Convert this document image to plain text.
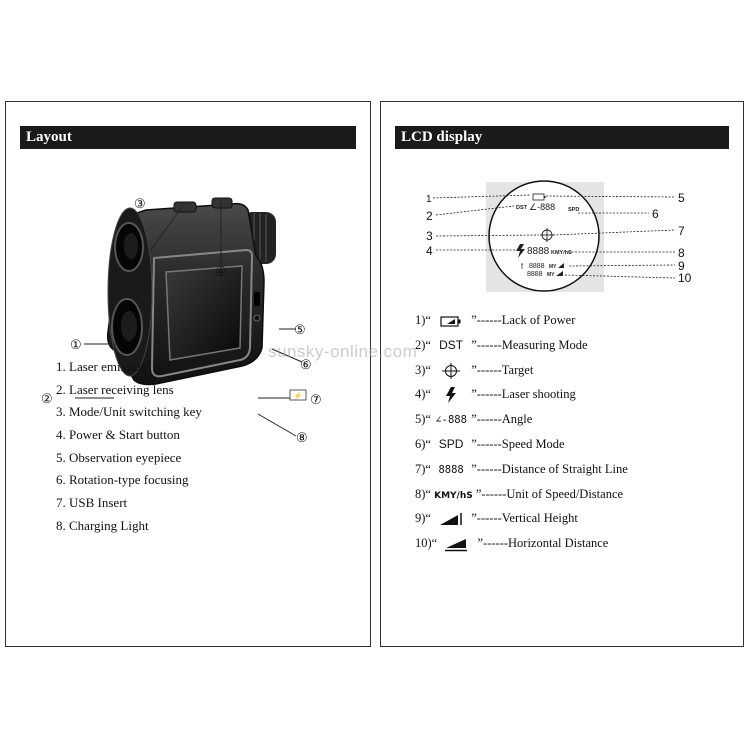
Layout
⚡
①
②
③
④
⑤
⑥
⑦
⑧
1. Laser emission
2. Laser receiving lens
3. Mode/Unit switching key
4. Power & Start button
5. Observation eyepiece
6. Rotation-type focusing
7. USB Insert
8. Charging Light
LCD display
DST ∠-888 SPD
8888 KMY/hS
8888 MY
8888 MY
1
2
3
4
5
6
7
8
9
10
1)“	”------Lack of Power
2)“ DST ”------Measuring Mode
3)“	”------Target
4)“	”------Laser shooting
5)“ ∠-888 ”------Angle
6)“ SPD ”------Speed Mode
7)“ 8888 ”------Distance of Straight Line
8)“ KMY/hS ”------Unit of Speed/Distance
9)“	”------Vertical Height
10)“	”------Horizontal Distance
sunsky-online.com
